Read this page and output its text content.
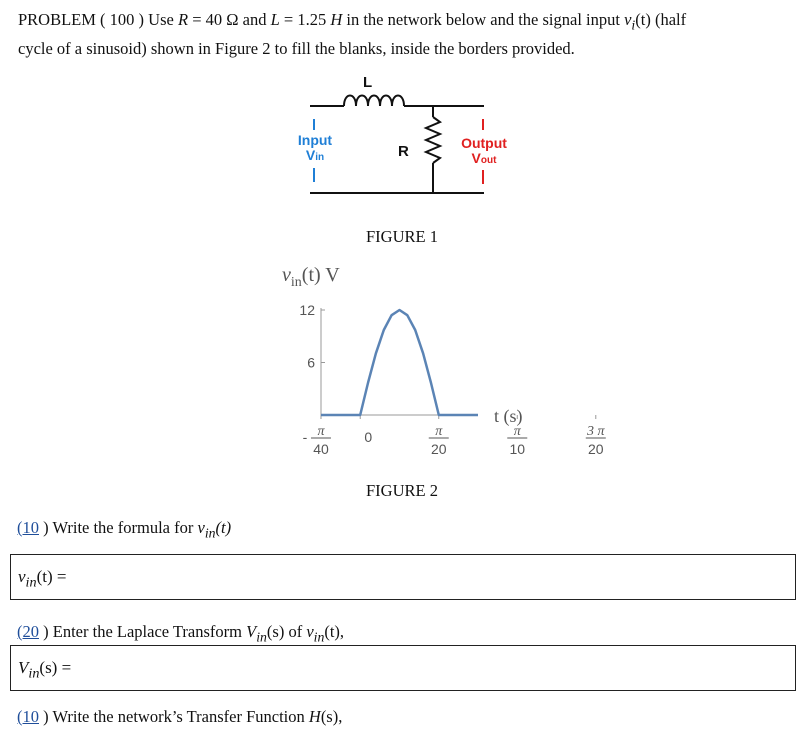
PROBLEM ( 100 ) Use R = 40 Ω and L = 1.25 H in the network below and the signal input $v_i(t)$ (half
cycle of a sinusoid) shown in Figure 2 to fill the blanks, inside the borders provided.
L
R
Input
Vin
Output
Vout
FIGURE 1
$v_{in}(t)$ V
12
6
π
40
-	0	π
20
π
10
3 π
20
t (s)
FIGURE 2
(10 ) Write the formula for $v_{in}(t)$
$v_{in}(t)$ =
(20 ) Enter the Laplace Transform $V_{in}(s)$ of $v_{in}(t)$,
$V_{in}(s)$ =
(10 ) Write the network’s Transfer Function H(s),
